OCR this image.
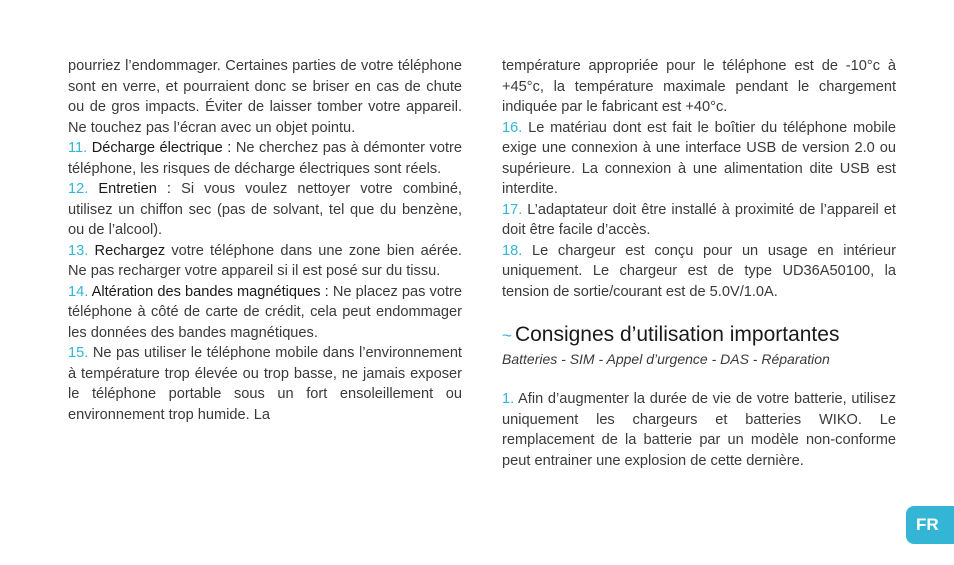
pourriez l’endommager. Certaines parties de votre téléphone sont en verre, et pourraient donc se briser en cas de chute ou de gros impacts. Éviter de laisser tomber votre appareil. Ne touchez pas l’écran avec un objet pointu.

11. Décharge électrique : Ne cherchez pas à démonter votre téléphone, les risques de décharge électriques sont réels.

12. Entretien : Si vous voulez nettoyer votre combiné, utilisez un chiffon sec (pas de solvant, tel que du benzène, ou de l’alcool).

13. Rechargez votre téléphone dans une zone bien aérée. Ne pas recharger votre appareil si il est posé sur du tissu.

14. Altération des bandes magnétiques : Ne placez pas votre téléphone à côté de carte de crédit, cela peut endommager les données des bandes magnétiques.

15. Ne pas utiliser le téléphone mobile dans l’environnement à température trop élevée ou trop basse, ne jamais exposer le téléphone portable sous un fort ensoleillement ou environnement trop humide. La

température appropriée pour le téléphone est de -10°c à +45°c, la température maximale pendant le chargement indiquée par le fabricant est +40°c.

16. Le matériau dont est fait le boîtier du téléphone mobile exige une connexion à une interface USB de version 2.0 ou supérieure. La connexion à une alimentation dite USB est interdite.

17. L’adaptateur doit être installé à proximité de l’appareil et doit être facile d’accès.

18. Le chargeur est conçu pour un usage en intérieur uniquement. Le chargeur est de type UD36A50100, la tension de sortie/courant est de 5.0V/1.0A.

~ Consignes d’utilisation importantes
Batteries - SIM - Appel d’urgence - DAS - Réparation

1. Afin d’augmenter la durée de vie de votre batterie, utilisez uniquement les chargeurs et batteries WIKO. Le remplacement de la batterie par un modèle non-conforme peut entrainer une explosion de cette dernière.

FR
